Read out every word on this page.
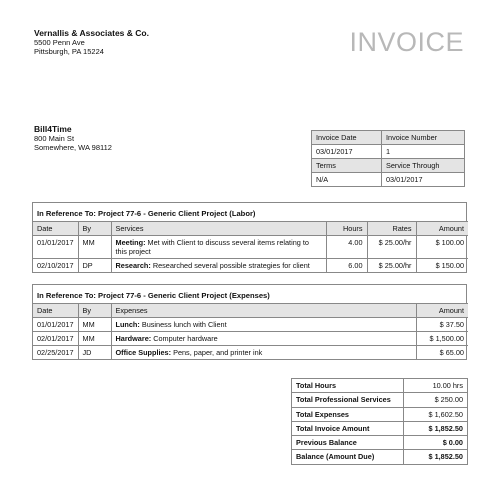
Vernallis & Associates & Co.
5500 Penn Ave
Pittsburgh, PA 15224	INVOICE
Bill4Time
800 Main St
Somewhere, WA 98112
Invoice Date	Invoice Number
03/01/2017	1
Terms	Service Through
N/A	03/01/2017
In Reference To: Project 77-6 - Generic Client Project (Labor)
Date	By	Services	Hours	Rates	Amount
01/01/2017	MM	Meeting: Met with Client to discuss several items relating to this project	4.00	$ 25.00/hr	$ 100.00
02/10/2017	DP	Research: Researched several possible strategies for client	6.00	$ 25.00/hr	$ 150.00
In Reference To: Project 77-6 - Generic Client Project (Expenses)
Date	By	Expenses	Amount
01/01/2017	MM	Lunch: Business lunch with Client	$ 37.50
02/01/2017	MM	Hardware: Computer hardware	$ 1,500.00
02/25/2017	JD	Office Supplies: Pens, paper, and printer ink	$ 65.00
Total Hours	10.00 hrs
Total Professional Services	$ 250.00
Total Expenses	$ 1,602.50
Total Invoice Amount	$ 1,852.50
Previous Balance	$ 0.00
Balance (Amount Due)	$ 1,852.50
